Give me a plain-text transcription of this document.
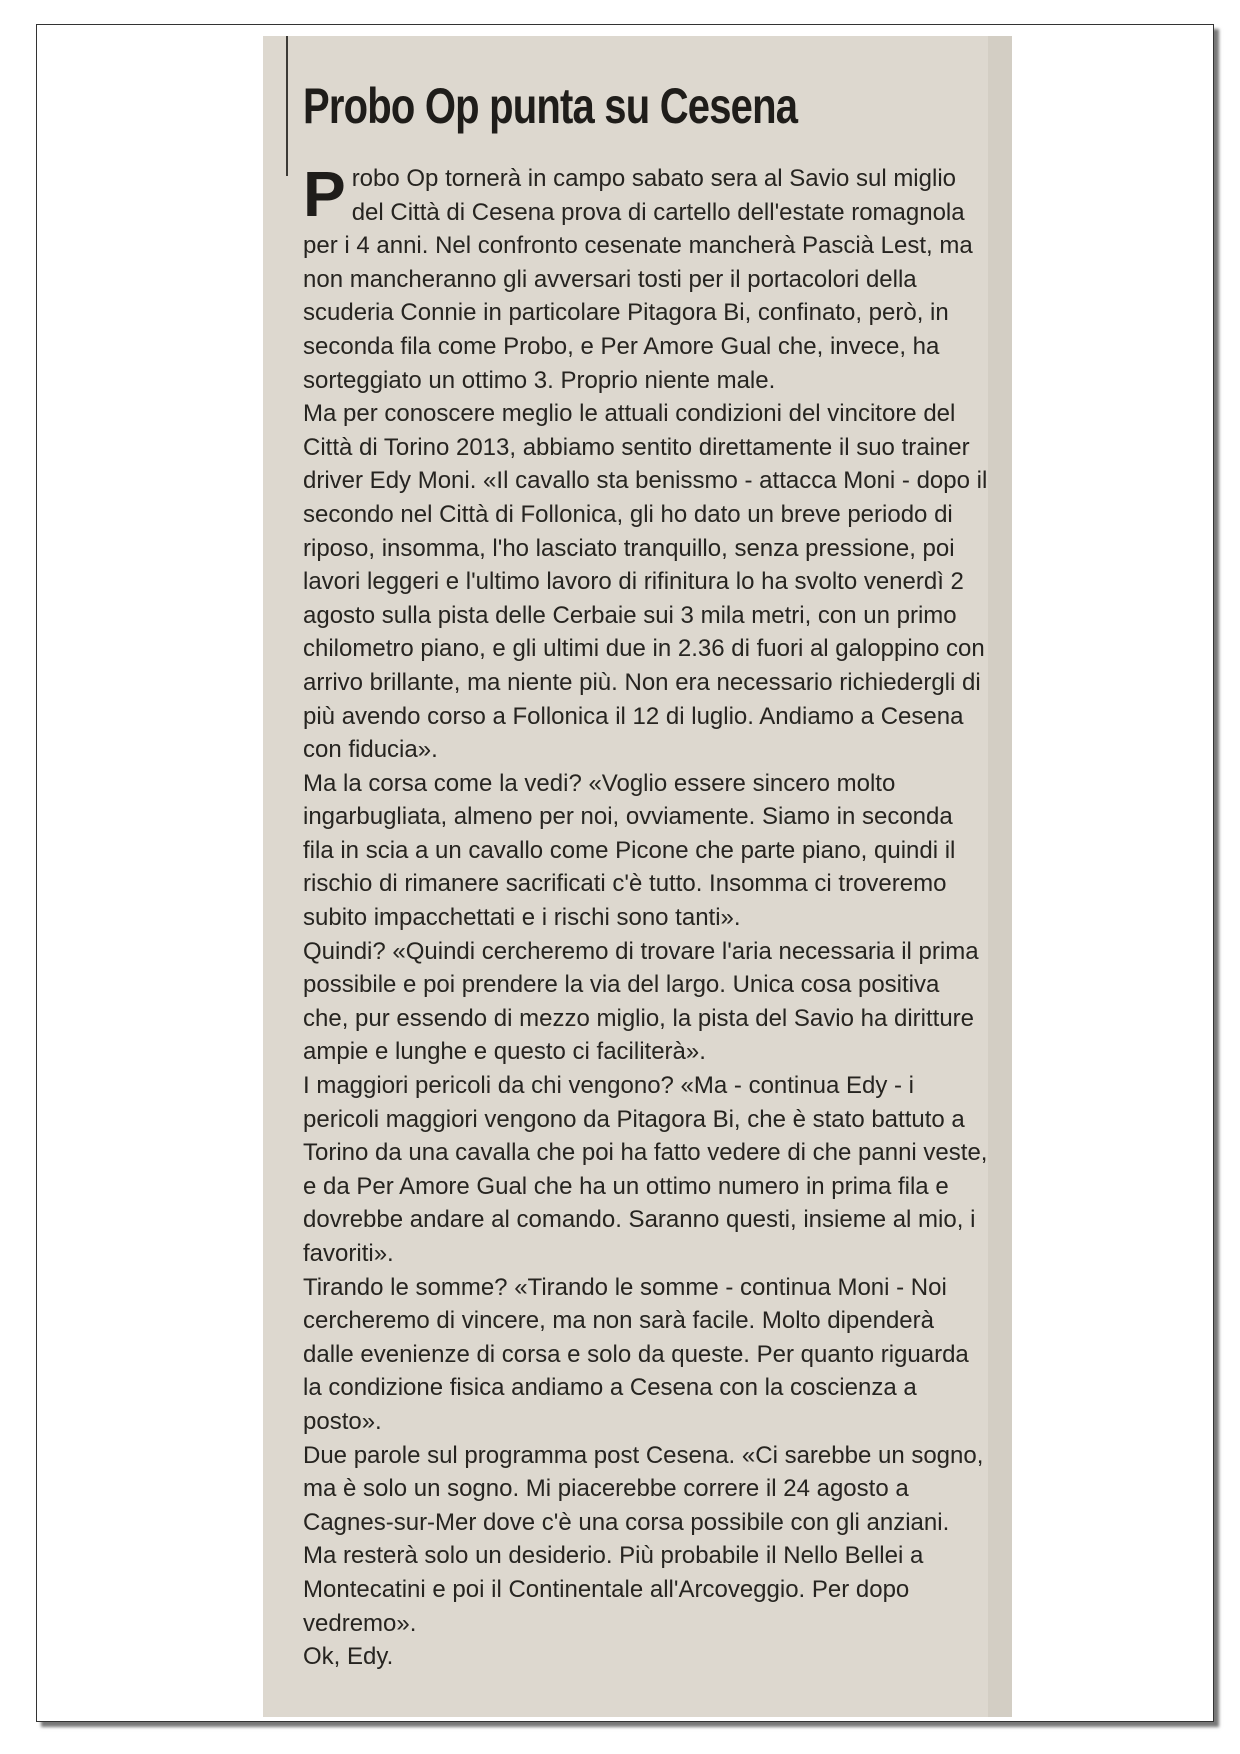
Probo Op punta su Cesena

Probo Op tornerà in campo sabato sera al Savio sul miglio del Città di Cesena prova di cartello dell'estate romagnola per i 4 anni. Nel confronto cesenate mancherà Pascià Lest, ma non mancheranno gli avversari tosti per il portacolori della scuderia Connie in particolare Pitagora Bi, confinato, però, in seconda fila come Probo, e Per Amore Gual che, invece, ha sorteggiato un ottimo 3. Proprio niente male.

Ma per conoscere meglio le attuali condizioni del vincitore del Città di Torino 2013, abbiamo sentito direttamente il suo trainer driver Edy Moni. «Il cavallo sta benissmo - attacca Moni - dopo il secondo nel Città di Follonica, gli ho dato un breve periodo di riposo, insomma, l'ho lasciato tranquillo, senza pressione, poi lavori leggeri e l'ultimo lavoro di rifinitura lo ha svolto venerdì 2 agosto sulla pista delle Cerbaie sui 3 mila metri, con un primo chilometro piano, e gli ultimi due in 2.36 di fuori al galoppino con arrivo brillante, ma niente più. Non era necessario richiedergli di più avendo corso a Follonica il 12 di luglio. Andiamo a Cesena con fiducia».

Ma la corsa come la vedi? «Voglio essere sincero molto ingarbugliata, almeno per noi, ovviamente. Siamo in seconda fila in scia a un cavallo come Picone che parte piano, quindi il rischio di rimanere sacrificati c'è tutto. Insomma ci troveremo subito impacchettati e i rischi sono tanti».

Quindi? «Quindi cercheremo di trovare l'aria necessaria il prima possibile e poi prendere la via del largo. Unica cosa positiva che, pur essendo di mezzo miglio, la pista del Savio ha diritture ampie e lunghe e questo ci faciliterà».

I maggiori pericoli da chi vengono? «Ma - continua Edy - i pericoli maggiori vengono da Pitagora Bi, che è stato battuto a Torino da una cavalla che poi ha fatto vedere di che panni veste, e da Per Amore Gual che ha un ottimo numero in prima fila e dovrebbe andare al comando. Saranno questi, insieme al mio, i favoriti».

Tirando le somme? «Tirando le somme - continua Moni - Noi cercheremo di vincere, ma non sarà facile. Molto dipenderà dalle evenienze di corsa e solo da queste. Per quanto riguarda la condizione fisica andiamo a Cesena con la coscienza a posto».

Due parole sul programma post Cesena. «Ci sarebbe un sogno, ma è solo un sogno. Mi piacerebbe correre il 24 agosto a Cagnes-sur-Mer dove c'è una corsa possibile con gli anziani. Ma resterà solo un desiderio. Più probabile il Nello Bellei a Montecatini e poi il Continentale all'Arcoveggio. Per dopo vedremo».

Ok, Edy.
